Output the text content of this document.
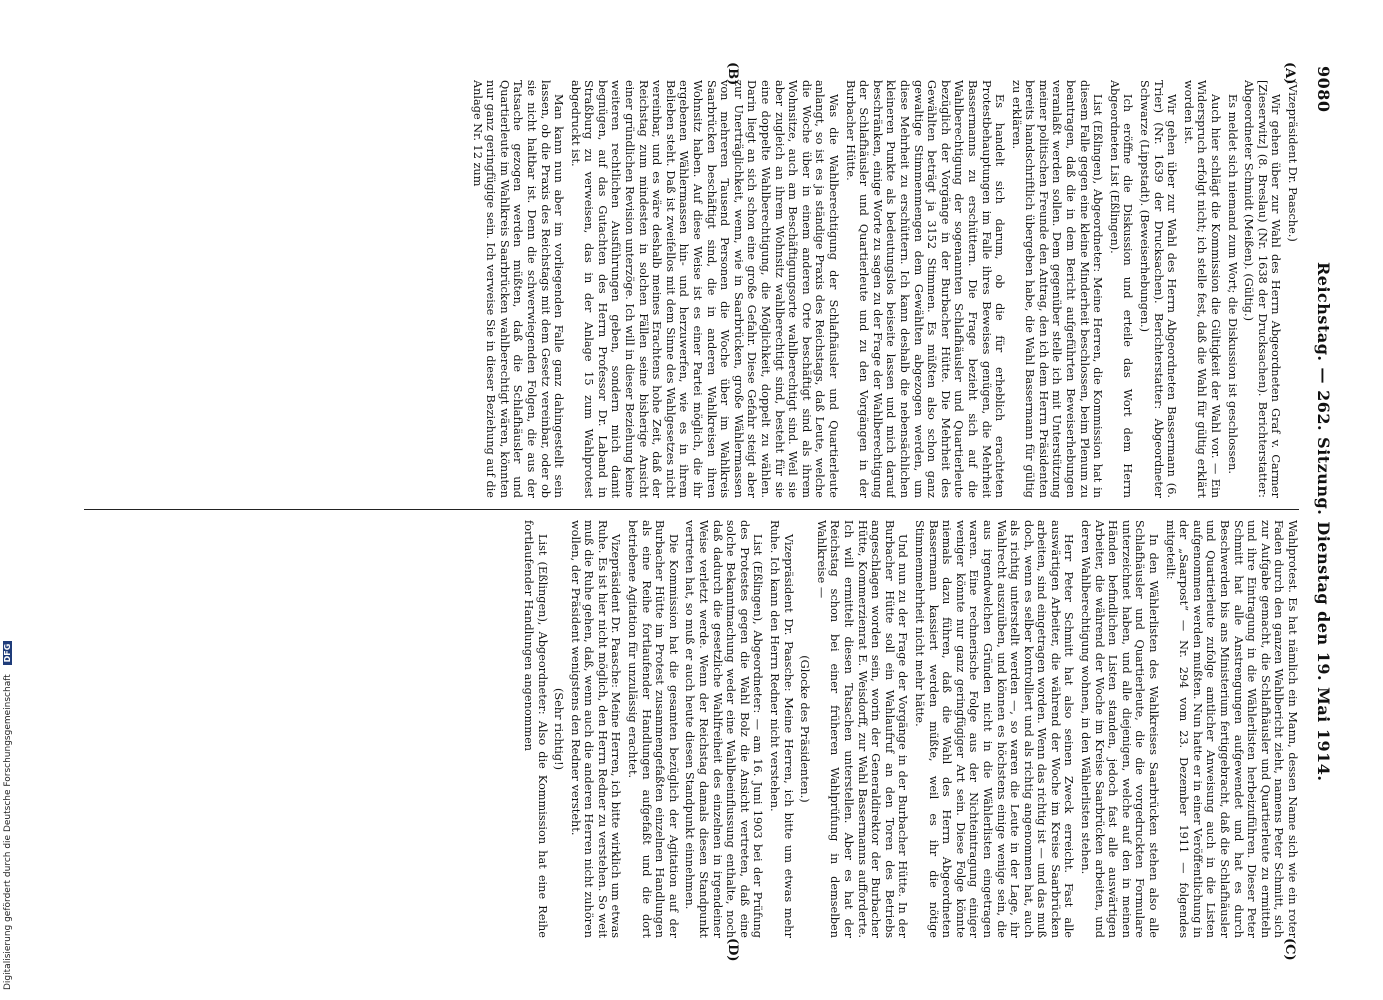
9080
Reichstag. — 262. Sitzung. Dienstag den 19. Mai 1914.
(A)
(B)
(C)
(D)

(Vizepräsident Dr. Paasche.)

Wir gehen über zur Wahl des Herrn Abgeordneten Graf v. Carmer [Zieserwitz] (8. Breslau) (Nr. 1638 der Drucksachen). Berichterstatter: Abgeordneter Schmidt (Meißen). (Gültig.)

Es meldet sich niemand zum Wort; die Diskussion ist geschlossen.

Auch hier schlägt die Kommission die Gültigkeit der Wahl vor. — Ein Widerspruch erfolgt nicht; ich stelle fest, daß die Wahl für gültig erklärt worden ist.

Wir gehen über zur Wahl des Herrn Abgeordneten Bassermann (6. Trier) (Nr. 1639 der Drucksachen). Berichterstatter: Abgeordneter Schwarze (Lippstadt). (Beweiserhebungen.)

Ich eröffne die Diskussion und erteile das Wort dem Herrn Abgeordneten List (Eßlingen).

List (Eßlingen), Abgeordneter: Meine Herren, die Kommission hat in diesem Falle gegen eine kleine Minderheit beschlossen, beim Plenum zu beantragen, daß die in dem Bericht aufgeführten Beweiserhebungen veranlaßt werden sollen. Dem gegenüber stelle ich mit Unterstützung meiner politischen Freunde den Antrag, den ich dem Herrn Präsidenten bereits handschriftlich übergeben habe, die Wahl Bassermann für gültig zu erklären.

Es handelt sich darum, ob die für erheblich erachteten Protestbehauptungen im Falle ihres Beweises genügen, die Mehrheit Bassermanns zu erschüttern. Die Frage bezieht sich auf die Wahlberechtigung der sogenannten Schlafhäusler und Quartierleute bezüglich der Vorgänge in der Burbacher Hütte. Die Mehrheit des Gewählten beträgt ja 3152 Stimmen. Es müßten also schon ganz gewaltige Stimmenmengen dem Gewählten abgezogen werden, um diese Mehrheit zu erschüttern. Ich kann deshalb die nebensächlichen kleineren Punkte als bedeutungslos beiseite lassen und mich darauf beschränken, einige Worte zu sagen zu der Frage der Wahlberechtigung der Schlafhäusler und Quartierleute und zu den Vorgängen in der Burbacher Hütte.

Was die Wahlberechtigung der Schlafhäusler und Quartierleute anlangt, so ist es ja ständige Praxis des Reichstags, daß Leute, welche die Woche über in einem anderen Orte beschäftigt sind als ihrem Wohnsitze, auch am Beschäftigungsorte wahlberechtigt sind. Weil sie aber zugleich an ihrem Wohnsitz wahlberechtigt sind, besteht für sie eine doppelte Wahlberechtigung, die Möglichkeit, doppelt zu wählen. Darin liegt an sich schon eine große Gefahr. Diese Gefahr steigt aber zur Unerträglichkeit, wenn, wie in Saarbrücken, große Wählermassen von mehreren Tausend Personen die Woche über im Wahlkreis Saarbrücken beschäftigt sind, die in anderen Wahlkreisen ihren Wohnsitz haben. Auf diese Weise ist es einer Partei möglich, die ihr ergebenen Wählermassen hin- und herzuwerfen, wie es in ihrem Belieben steht. Daß ist zweifellos mit dem Sinne des Wahlgesetzes nicht vereinbar, und es wäre deshalb meines Erachtens hohe Zeit, daß der Reichstag zum mindesten in solchen Fällen seine bisherige Ansicht einer gründlichen Revision unterzöge. Ich will in dieser Beziehung keine weiteren rechtlichen Ausführungen geben, sondern mich damit begnügen, auf das Gutachten des Herrn Professor Dr. Laband in Straßburg zu verweisen, das in der Anlage 15 zum Wahlprotest abgedruckt ist.

Man kann nun aber im vorliegenden Falle ganz dahingestellt sein lassen, ob die Praxis des Reichstags mit dem Gesetz vereinbar, oder ob sie nicht haltbar ist. Denn die schwerwiegenden Folgen, die aus der Tatsache gezogen werden müßten, daß die Schlafhäusler und Quartierleute im Wahlkreis Saarbrücken wahlberechtigt wären, könnten nur ganz geringfügige sein. Ich verweise Sie in dieser Beziehung auf die Anlage Nr. 12 zum

Wahlprotest. Es hat nämlich ein Mann, dessen Name sich wie ein roter Faden durch den ganzen Wahlbericht zieht, namens Peter Schmitt, sich zur Aufgabe gemacht, die Schlafhäusler und Quartierleute zu ermitteln und ihre Eintragung in die Wählerlisten herbeizuführen. Dieser Peter Schmitt hat alle Anstrengungen aufgewendet und hat es durch Beschwerden bis ans Ministerium fertiggebracht, daß die Schlafhäusler und Quartierleute zufolge amtlicher Anweisung auch in die Listen aufgenommen werden mußten. Nun hatte er in einer Veröffentlichung in der „Saarpost“ — Nr. 294 vom 23. Dezember 1911 — folgendes mitgeteilt:

In den Wählerlisten des Wahlkreises Saarbrücken stehen also alle Schlafhäusler und Quartierleute, die die vorgedruckten Formulare unterzeichnet haben, und alle diejenigen, welche auf den in meinen Händen befindlichen Listen standen, jedoch fast alle auswärtigen Arbeiter, die während der Woche im Kreise Saarbrücken arbeiten, und deren Wahlberechtigung wohnen, in den Wählerlisten stehen.

Herr Peter Schmitt hat also seinen Zweck erreicht. Fast alle auswärtigen Arbeiter, die während der Woche im Kreise Saarbrücken arbeiten, sind eingetragen worden. Wenn das richtig ist — und das muß doch, wenn es selber kontrolliert und als richtig angenommen hat, auch als richtig unterstellt werden —, so waren die Leute in der Lage, ihr Wahlrecht auszuüben, und können es höchstens einige wenige sein, die aus irgendwelchen Gründen nicht in die Wählerlisten eingetragen waren. Eine rechnerische Folge aus der Nichteintragung einiger weniger könnte nur ganz geringfügiger Art sein. Diese Folge könnte niemals dazu führen, daß die Wahl des Herrn Abgeordneten Bassermann kassiert werden müßte, weil es ihr die nötige Stimmenmehrheit nicht mehr hätte.

Und nun zu der Frage der Vorgänge in der Burbacher Hütte. In der Burbacher Hütte soll ein Wahlaufruf an den Toren des Betriebs angeschlagen worden sein, worin der Generaldirektor der Burbacher Hütte, Kommerzienrat E. Weisdorff, zur Wahl Bassermanns aufforderte. Ich will ermittelt diesen Tatsachen unterstellen. Aber es hat der Reichstag schon bei einer früheren Wahlprüfung in demselben Wahlkreise —

(Glocke des Präsidenten.)

Vizepräsident Dr. Paasche: Meine Herren, ich bitte um etwas mehr Ruhe. Ich kann den Herrn Redner nicht verstehen.

List (Eßlingen), Abgeordneter: — am 16. Juni 1903 bei der Prüfung des Protestes gegen die Wahl Bolz die Ansicht vertreten, daß eine solche Bekanntmachung weder eine Wahlbeeinflussung enthalte, noch daß dadurch die gesetzliche Wahlfreiheit des einzelnen in irgendeiner Weise verletzt werde. Wenn der Reichstag damals diesen Standpunkt vertreten hat, so muß er auch heute diesen Standpunkt einnehmen.

Die Kommission hat die gesamten bezüglich der Agitation auf der Burbacher Hütte im Protest zusammengefaßten einzelnen Handlungen als eine Reihe fortlaufender Handlungen aufgefaßt und die dort betriebene Agitation für unzulässig erachtet.

Vizepräsident Dr. Paasche: Meine Herren, ich bitte wirklich um etwas Ruhe. Es ist hier nicht möglich, den Herrn Redner zu verstehen. So weit muß die Ruhe gehen, daß, wenn auch die anderen Herren nicht zuhören wollen, der Präsident wenigstens den Redner versteht.

(Sehr richtig!)

List (Eßlingen), Abgeordneter: Also die Kommission hat eine Reihe fortlaufender Handlungen angenommen

Digitalisierung gefördert durch die Deutsche Forschungsgemeinschaft DFG
